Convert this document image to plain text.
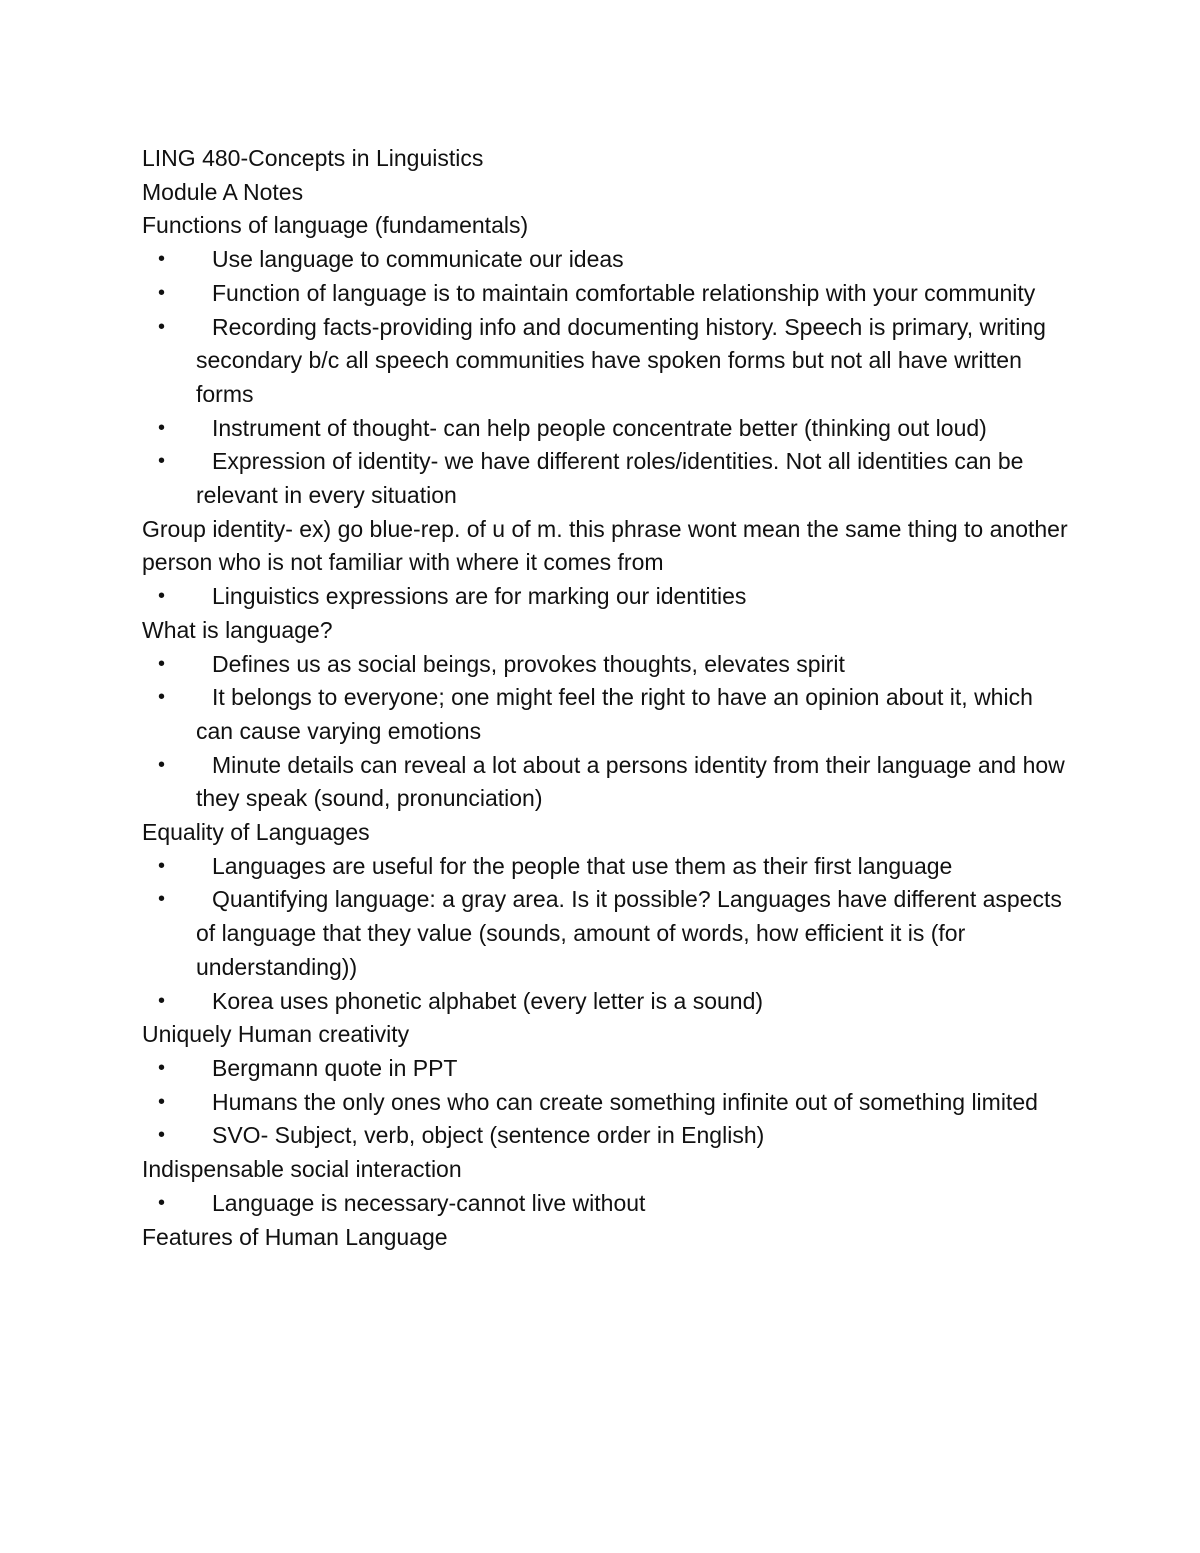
LING 480-Concepts in Linguistics

Module A Notes

Functions of language (fundamentals)
•	Use language to communicate our ideas
•	Function of language is to maintain comfortable relationship with your community
•	Recording facts-providing info and documenting history. Speech is primary, writing secondary b/c all speech communities have spoken forms but not all have written forms
•	Instrument of thought- can help people concentrate better (thinking out loud)
•	Expression of identity- we have different roles/identities. Not all identities can be relevant in every situation
Group identity- ex) go blue-rep. of u of m. this phrase wont mean the same thing to another person who is not familiar with where it comes from
•	Linguistics expressions are for marking our identities
What is language?
•	Defines us as social beings, provokes thoughts, elevates spirit
•	It belongs to everyone; one might feel the right to have an opinion about it, which can cause varying emotions
•	Minute details can reveal a lot about a persons identity from their language and how they speak (sound, pronunciation)
Equality of Languages
•	Languages are useful for the people that use them as their first language
•	Quantifying language: a gray area. Is it possible? Languages have different aspects of language that they value (sounds, amount of words, how efficient it is (for understanding))
•	Korea uses phonetic alphabet (every letter is a sound)
Uniquely Human creativity
•	Bergmann quote in PPT
•	Humans the only ones who can create something infinite out of something limited
•	SVO- Subject, verb, object (sentence order in English)
Indispensable social interaction
•	Language is necessary-cannot live without
Features of Human Language
